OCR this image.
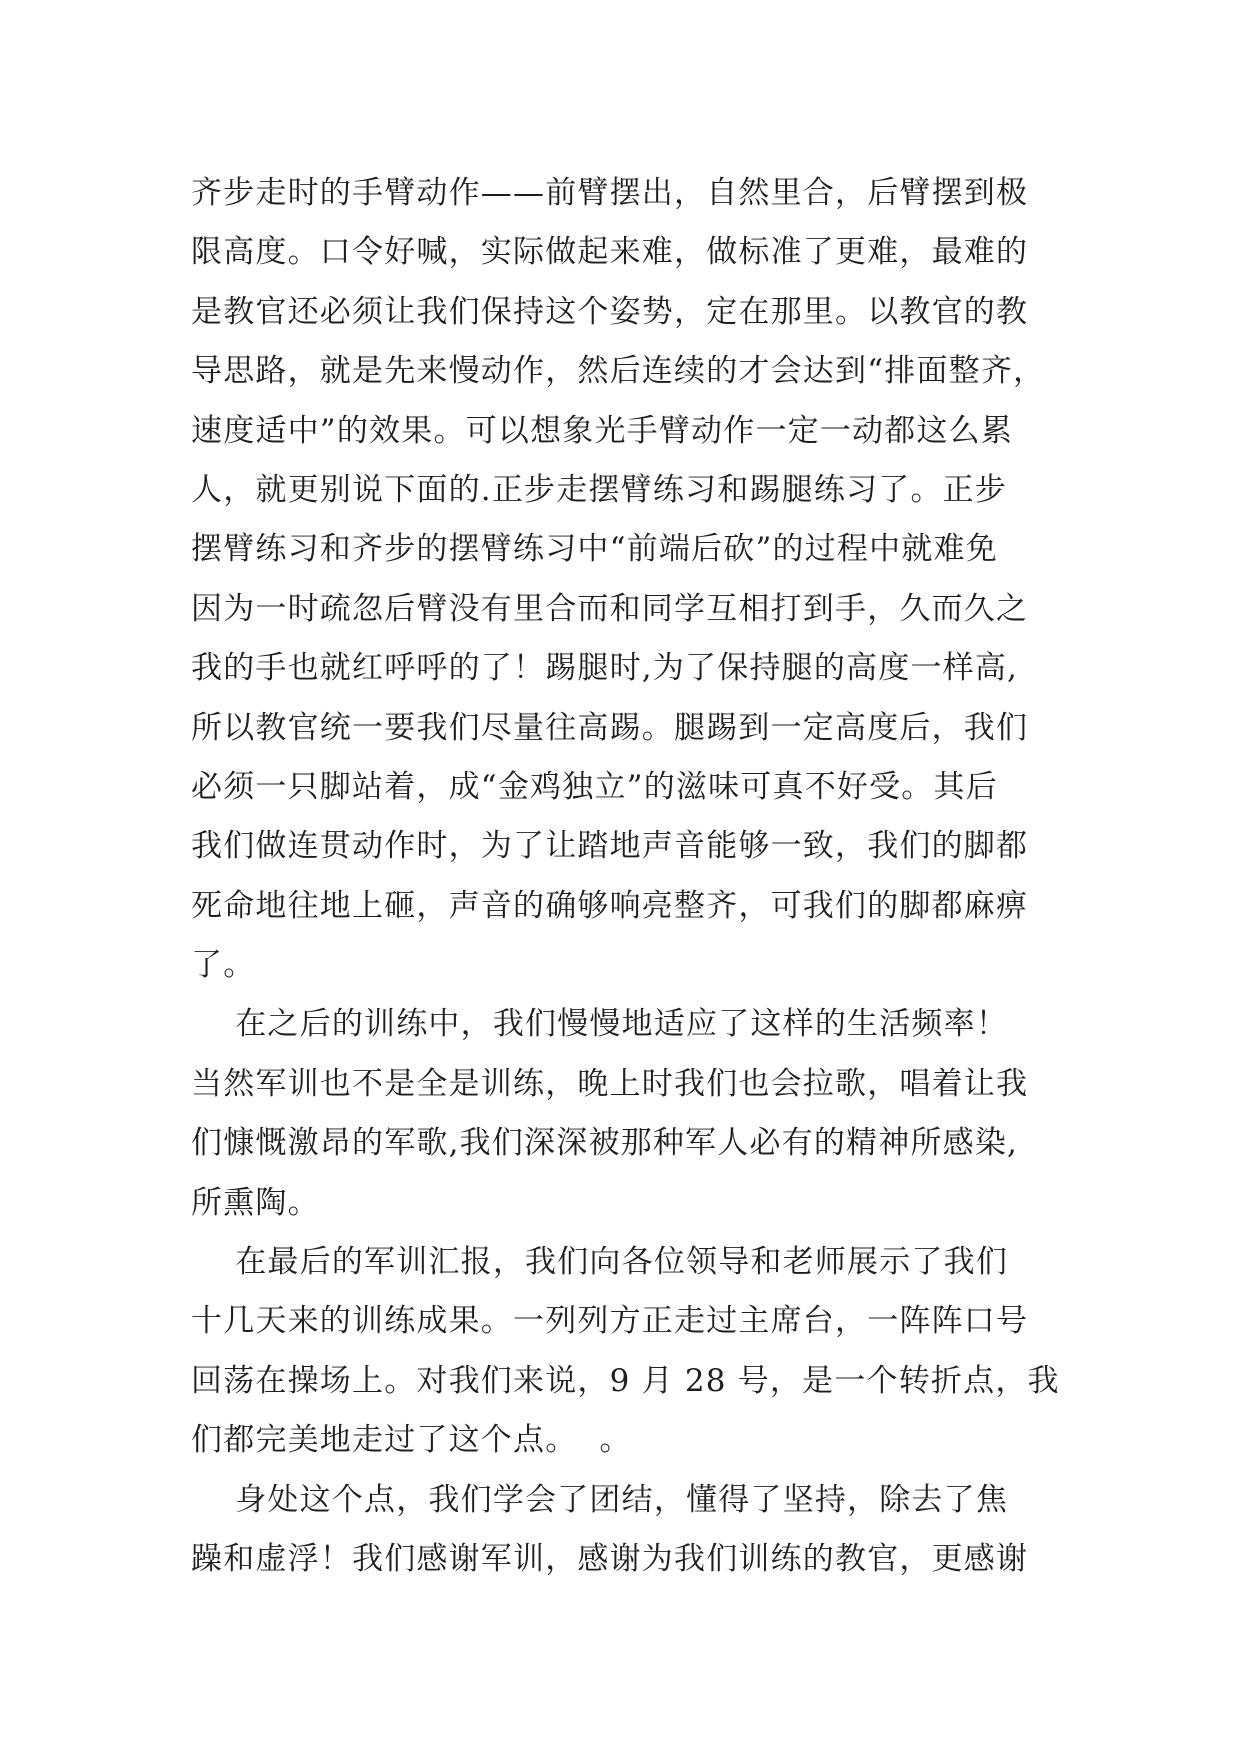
齐步走时的手臂动作——前臂摆出，自然里合，后臂摆到极
限高度。口令好喊，实际做起来难，做标准了更难，最难的
是教官还必须让我们保持这个姿势，定在那里。以教官的教
导思路，就是先来慢动作，然后连续的才会达到“排面整齐，
速度适中”的效果。可以想象光手臂动作一定一动都这么累
人，就更别说下面的.正步走摆臂练习和踢腿练习了。正步
摆臂练习和齐步的摆臂练习中“前端后砍”的过程中就难免
因为一时疏忽后臂没有里合而和同学互相打到手，久而久之
我的手也就红呼呼的了！踢腿时,为了保持腿的高度一样高,
所以教官统一要我们尽量往高踢。腿踢到一定高度后，我们
必须一只脚站着，成“金鸡独立”的滋味可真不好受。其后
我们做连贯动作时，为了让踏地声音能够一致，我们的脚都
死命地往地上砸，声音的确够响亮整齐，可我们的脚都麻痹
了。
在之后的训练中，我们慢慢地适应了这样的生活频率！
当然军训也不是全是训练，晚上时我们也会拉歌，唱着让我
们慷慨激昂的军歌,我们深深被那种军人必有的精神所感染,
所熏陶。
在最后的军训汇报，我们向各位领导和老师展示了我们
十几天来的训练成果。一列列方正走过主席台，一阵阵口号
回荡在操场上。对我们来说，9 月 28 号，是一个转折点，我
们都完美地走过了这个点。  。
身处这个点，我们学会了团结，懂得了坚持，除去了焦
躁和虚浮！我们感谢军训，感谢为我们训练的教官，更感谢
